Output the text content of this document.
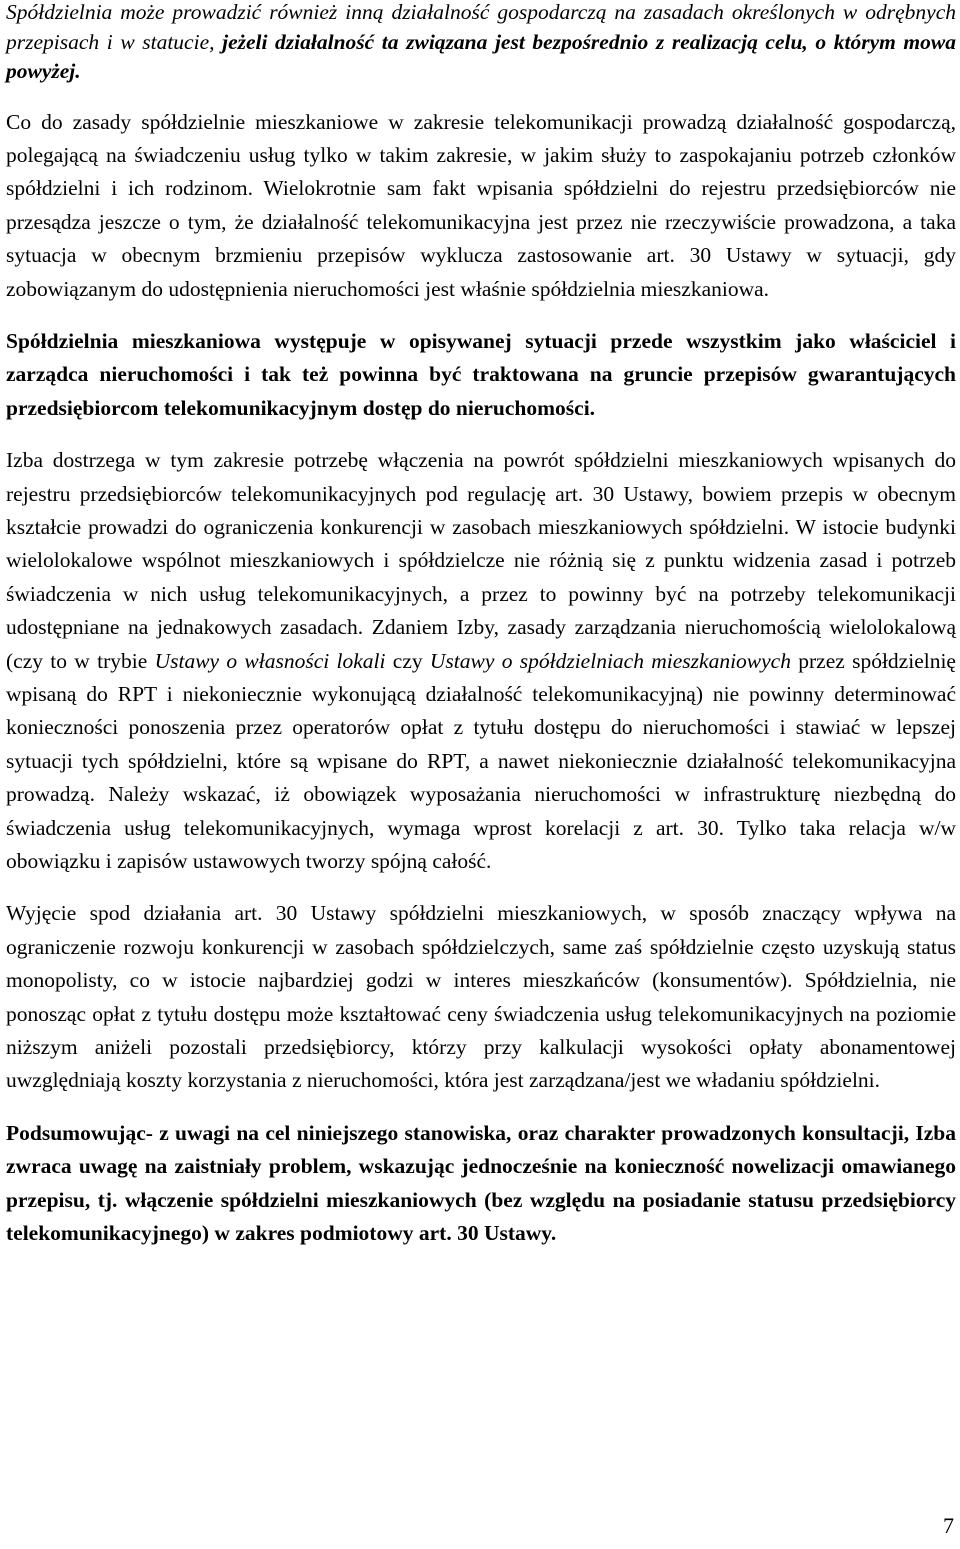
Spółdzielnia może prowadzić również inną działalność gospodarczą na zasadach określonych w odrębnych przepisach i w statucie, jeżeli działalność ta związana jest bezpośrednio z realizacją celu, o którym mowa powyżej.

Co do zasady spółdzielnie mieszkaniowe w zakresie telekomunikacji prowadzą działalność gospodarczą, polegającą na świadczeniu usług tylko w takim zakresie, w jakim służy to zaspokajaniu potrzeb członków spółdzielni i ich rodzinom. Wielokrotnie sam fakt wpisania spółdzielni do rejestru przedsiębiorców nie przesądza jeszcze o tym, że działalność telekomunikacyjna jest przez nie rzeczywiście prowadzona, a taka sytuacja w obecnym brzmieniu przepisów wyklucza zastosowanie art. 30 Ustawy w sytuacji, gdy zobowiązanym do udostępnienia nieruchomości jest właśnie spółdzielnia mieszkaniowa.

Spółdzielnia mieszkaniowa występuje w opisywanej sytuacji przede wszystkim jako właściciel i zarządca nieruchomości i tak też powinna być traktowana na gruncie przepisów gwarantujących przedsiębiorcom telekomunikacyjnym dostęp do nieruchomości.

Izba dostrzega w tym zakresie potrzebę włączenia na powrót spółdzielni mieszkaniowych wpisanych do rejestru przedsiębiorców telekomunikacyjnych pod regulację art. 30 Ustawy, bowiem przepis w obecnym kształcie prowadzi do ograniczenia konkurencji w zasobach mieszkaniowych spółdzielni. W istocie budynki wielolokalowe wspólnot mieszkaniowych i spółdzielcze nie różnią się z punktu widzenia zasad i potrzeb świadczenia w nich usług telekomunikacyjnych, a przez to powinny być na potrzeby telekomunikacji udostępniane na jednakowych zasadach. Zdaniem Izby, zasady zarządzania nieruchomością wielolokalową (czy to w trybie Ustawy o własności lokali czy Ustawy o spółdzielniach mieszkaniowych przez spółdzielnię wpisaną do RPT i niekoniecznie wykonującą działalność telekomunikacyjną) nie powinny determinować konieczności ponoszenia przez operatorów opłat z tytułu dostępu do nieruchomości i stawiać w lepszej sytuacji tych spółdzielni, które są wpisane do RPT, a nawet niekoniecznie działalność telekomunikacyjna prowadzą. Należy wskazać, iż obowiązek wyposażania nieruchomości w infrastrukturę niezbędną do świadczenia usług telekomunikacyjnych, wymaga wprost korelacji z art. 30. Tylko taka relacja w/w obowiązku i zapisów ustawowych tworzy spójną całość.

Wyjęcie spod działania art. 30 Ustawy spółdzielni mieszkaniowych, w sposób znaczący wpływa na ograniczenie rozwoju konkurencji w zasobach spółdzielczych, same zaś spółdzielnie często uzyskują status monopolisty, co w istocie najbardziej godzi w interes mieszkańców (konsumentów). Spółdzielnia, nie ponosząc opłat z tytułu dostępu może kształtować ceny świadczenia usług telekomunikacyjnych na poziomie niższym aniżeli pozostali przedsiębiorcy, którzy przy kalkulacji wysokości opłaty abonamentowej uwzględniają koszty korzystania z nieruchomości, która jest zarządzana/jest we władaniu spółdzielni.

Podsumowując- z uwagi na cel niniejszego stanowiska, oraz charakter prowadzonych konsultacji, Izba zwraca uwagę na zaistniały problem, wskazując jednocześnie na konieczność nowelizacji omawianego przepisu, tj. włączenie spółdzielni mieszkaniowych (bez względu na posiadanie statusu przedsiębiorcy telekomunikacyjnego) w zakres podmiotowy art. 30 Ustawy.

7
